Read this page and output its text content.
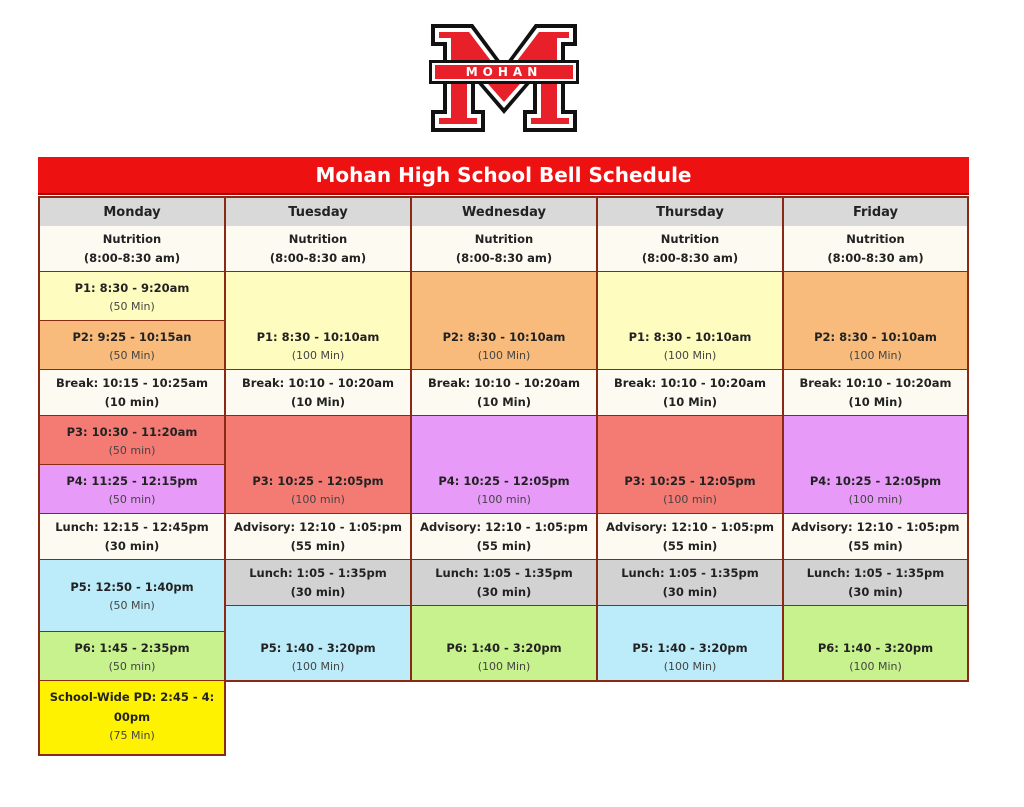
MOHAN
Mohan High School Bell Schedule
Monday
Nutrition
(8:00-8:30 am)
P1: 8:30 - 9:20am
(50 Min)
P2: 9:25 - 10:15an
(50 Min)
Break: 10:15 - 10:25am
(10 min)
P3: 10:30 - 11:20am
(50 min)
P4: 11:25 - 12:15pm
(50 min)
Lunch: 12:15 - 12:45pm
(30 min)
P5: 12:50 - 1:40pm
(50 Min)
P6: 1:45 - 2:35pm
(50 min)
School-Wide PD: 2:45 - 4:
00pm
(75 Min)
Tuesday
Nutrition
(8:00-8:30 am)
P1: 8:30 - 10:10am
(100 Min)
Break: 10:10 - 10:20am
(10 Min)
P3: 10:25 - 12:05pm
(100 min)
Advisory: 12:10 - 1:05:pm
(55 min)
Lunch: 1:05 - 1:35pm
(30 min)
P5: 1:40 - 3:20pm
(100 Min)
Wednesday
Nutrition
(8:00-8:30 am)
P2: 8:30 - 10:10am
(100 Min)
Break: 10:10 - 10:20am
(10 Min)
P4: 10:25 - 12:05pm
(100 min)
Advisory: 12:10 - 1:05:pm
(55 min)
Lunch: 1:05 - 1:35pm
(30 min)
P6: 1:40 - 3:20pm
(100 Min)
Thursday
Nutrition
(8:00-8:30 am)
P1: 8:30 - 10:10am
(100 Min)
Break: 10:10 - 10:20am
(10 Min)
P3: 10:25 - 12:05pm
(100 min)
Advisory: 12:10 - 1:05:pm
(55 min)
Lunch: 1:05 - 1:35pm
(30 min)
P5: 1:40 - 3:20pm
(100 Min)
Friday
Nutrition
(8:00-8:30 am)
P2: 8:30 - 10:10am
(100 Min)
Break: 10:10 - 10:20am
(10 Min)
P4: 10:25 - 12:05pm
(100 min)
Advisory: 12:10 - 1:05:pm
(55 min)
Lunch: 1:05 - 1:35pm
(30 min)
P6: 1:40 - 3:20pm
(100 Min)
